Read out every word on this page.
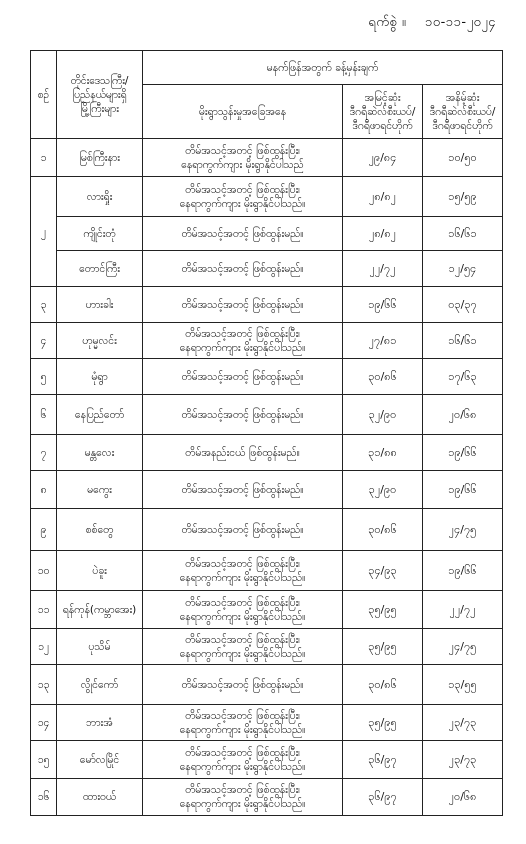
ရက်စွဲ ။ ၁၀-၁၁-၂၀၂၄
စဉ်	တိုင်းဒေသကြီး/
ပြည်နယ်များရှိ
မြို့ကြီးများ	မနက်ဖြန်အတွက် ခန့်မှန်းချက်		
		မိုးရွာသွန်းမှုအခြေအနေ	အမြင့်ဆုံး
ဒီဂရီဆဲလ်စီးယပ်/
ဒီဂရီဖာရင်ဟိုက်	အနိမ့်ဆုံး
ဒီဂရီဆဲလ်စီးယပ်/
ဒီဂရီဖာရင်ဟိုက်

၁	မြစ်ကြီးနား	တိမ်အသင့်အတင့် ဖြစ်ထွန်းပြီး၊
နေရာကွက်ကျား မိုးရွာနိုင်ပါသည်	၂၉/၈၄	၁၀/၅၀
၂	လားရှိုး	တိမ်အသင့်အတင့် ဖြစ်ထွန်းပြီး၊
နေရာကွက်ကျား မိုးရွာနိုင်ပါသည်။	၂၈/၈၂	၁၅/၅၉
	ကျိုင်းတုံ	တိမ်အသင့်အတင့် ဖြစ်ထွန်းမည်။	၂၈/၈၂	၁၆/၆၁
	တောင်ကြီး	တိမ်အသင့်အတင့် ဖြစ်ထွန်းမည်။	၂၂/၇၂	၁၂/၅၄
၃	ဟားခါး	တိမ်အသင့်အတင့် ဖြစ်ထွန်းမည်။	၁၉/၆၆	၀၃/၃၇
၄	ဟုမ္မလင်း	တိမ်အသင့်အတင့် ဖြစ်ထွန်းပြီး၊
နေရာကွက်ကျား မိုးရွာနိုင်ပါသည်။	၂၇/၈၁	၁၆/၆၁
၅	မုံရွာ	တိမ်အသင့်အတင့် ဖြစ်ထွန်းမည်။	၃၀/၈၆	၁၇/၆၃
၆	နေပြည်တော်	တိမ်အသင့်အတင့် ဖြစ်ထွန်းမည်။	၃၂/၉၀	၂၀/၆၈
၇	မန္တလေး	တိမ်အနည်းငယ် ဖြစ်ထွန်းမည်။	၃၁/၈၈	၁၉/၆၆
၈	မကွေး	တိမ်အသင့်အတင့် ဖြစ်ထွန်းမည်။	၃၂/၉၀	၁၉/၆၆
၉	စစ်တွေ	တိမ်အသင့်အတင့် ဖြစ်ထွန်းမည်။	၃၀/၈၆	၂၄/၇၅
၁၀	ပဲခူး	တိမ်အသင့်အတင့် ဖြစ်ထွန်းပြီး၊
နေရာကွက်ကျား မိုးရွာနိုင်ပါသည်။	၃၄/၉၃	၁၉/၆၆
၁၁	ရန်ကုန်(ကမ္ဘာအေး)	တိမ်အသင့်အတင့် ဖြစ်ထွန်းပြီး၊
နေရာကွက်ကျား မိုးရွာနိုင်ပါသည်။	၃၅/၉၅	၂၂/၇၂
၁၂	ပုသိမ်	တိမ်အသင့်အတင့် ဖြစ်ထွန်းပြီး၊
နေရာကွက်ကျား မိုးရွာနိုင်ပါသည်။	၃၅/၉၅	၂၄/၇၅
၁၃	လွိုင်ကော်	တိမ်အသင့်အတင့် ဖြစ်ထွန်းမည်။	၃၀/၈၆	၁၃/၅၅
၁၄	ဘားအံ	တိမ်အသင့်အတင့် ဖြစ်ထွန်းပြီး၊
နေရာကွက်ကျား မိုးရွာနိုင်ပါသည်။	၃၅/၉၅	၂၃/၇၃
၁၅	မော်လမြိုင်	တိမ်အသင့်အတင့် ဖြစ်ထွန်းပြီး၊
နေရာကွက်ကျား မိုးရွာနိုင်ပါသည်။	၃၆/၉၇	၂၃/၇၃
၁၆	ထားဝယ်	တိမ်အသင့်အတင့် ဖြစ်ထွန်းပြီး၊
နေရာကွက်ကျား မိုးရွာနိုင်ပါသည်။	၃၆/၉၇	၂၀/၆၈
